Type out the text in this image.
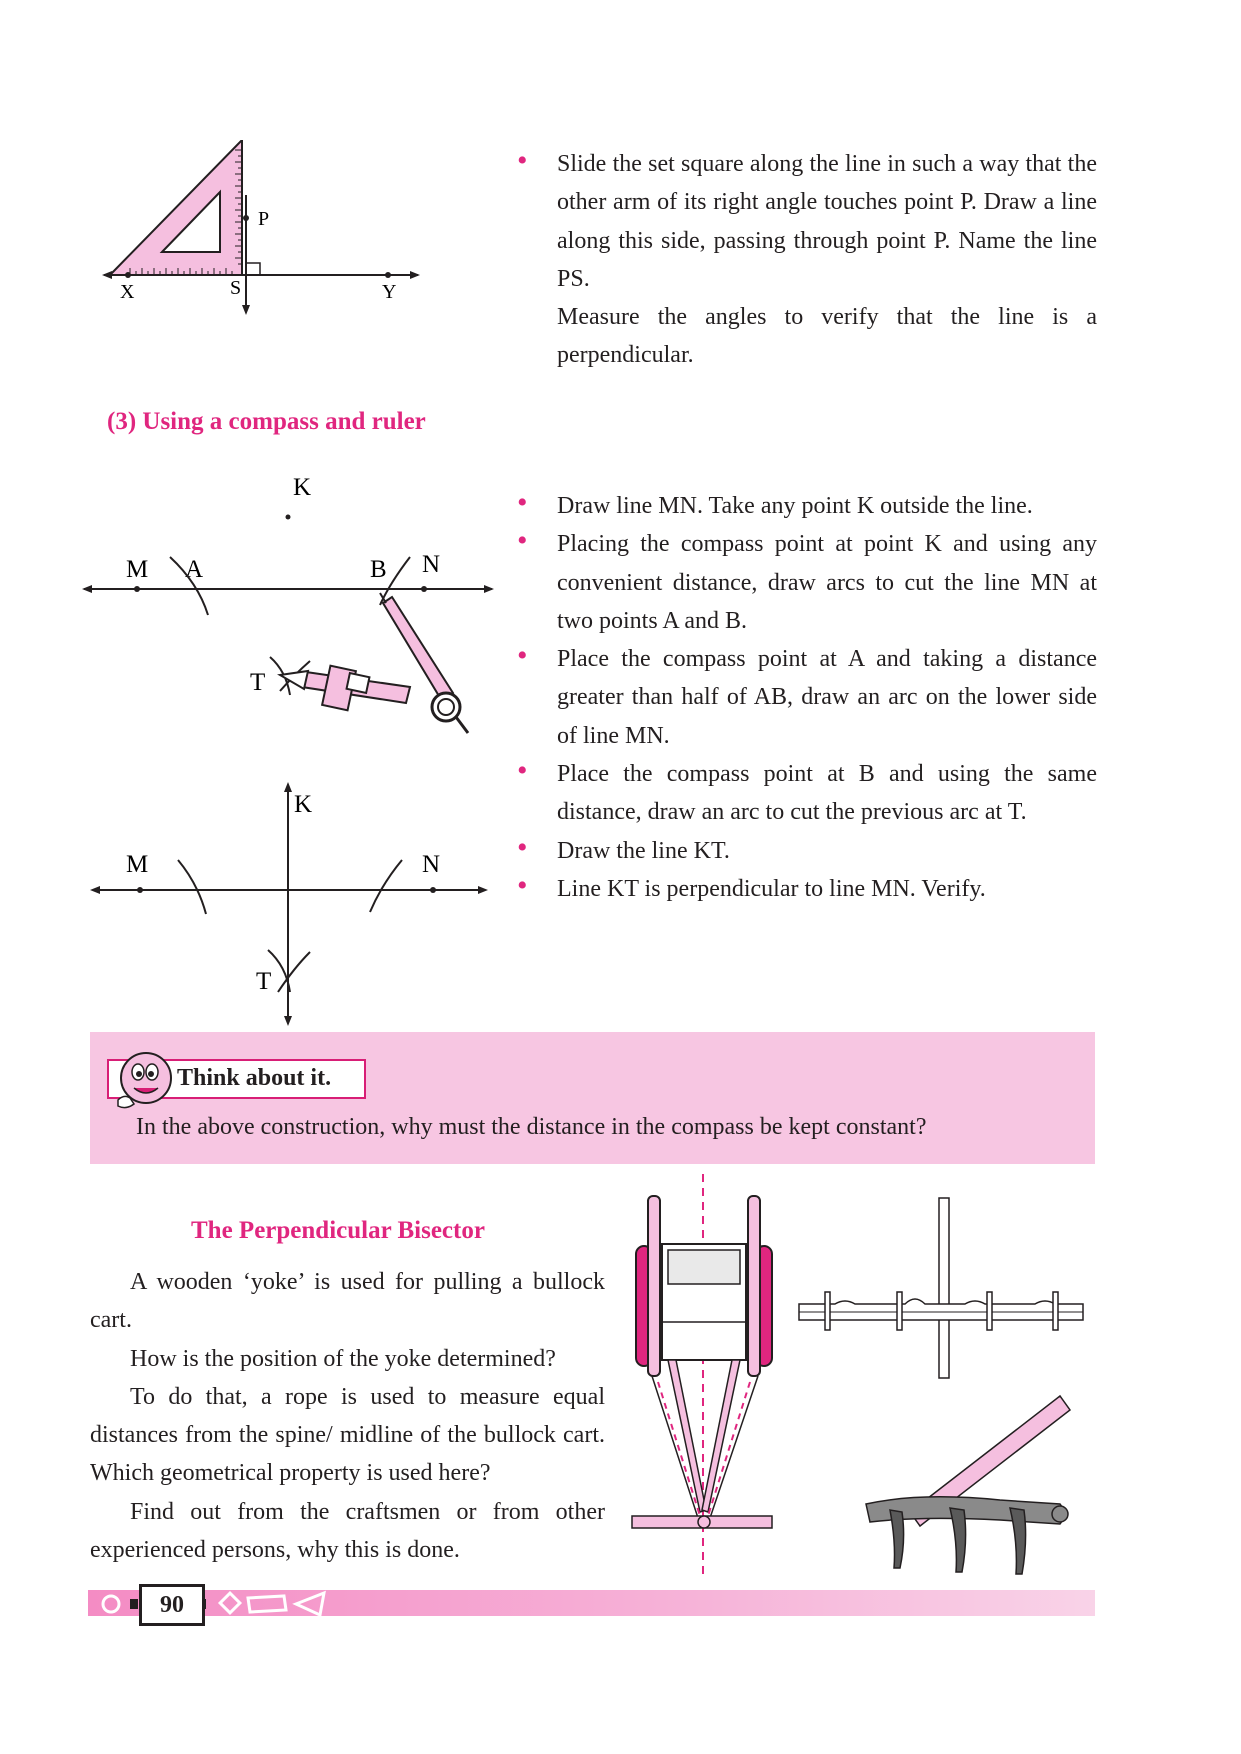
P
X	S	Y
• Slide the set square along the line in such a way that the other arm of its right angle touches point P. Draw a line along this side, passing through point P. Name the line PS.
Measure the angles to verify that the line is a perpendicular.
(3) Using a compass and ruler
K
M A	B N
T
K
M	N
T
• Draw line MN. Take any point K outside the line.
• Placing the compass point at point K and using any convenient distance, draw arcs to cut the line MN at two points A and B.
• Place the compass point at A and taking a distance greater than half of AB, draw an arc on the lower side of line MN.
• Place the compass point at B and using the same distance, draw an arc to cut the previous arc at T.
• Draw the line KT.
• Line KT is perpendicular to line MN. Verify.
Think about it.
In the above construction, why must the distance in the compass be kept constant?
The Perpendicular Bisector
A wooden ‘yoke’ is used for pulling a bullock cart.
How is the position of the yoke determined?
To do that, a rope is used to measure equal distances from the spine/ midline of the bullock cart. Which geometrical property is used here?
Find out from the craftsmen or from other experienced persons, why this is done.
90
